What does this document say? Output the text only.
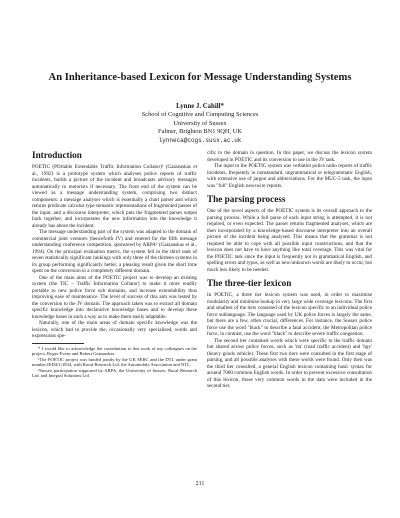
An Inheritance-based Lexicon for Message Understanding Systems
Lynne J. Cahill*
School of Cognitive and Computing Sciences
University of Sussex
Falmer, Brighton BN1 9QH, UK
lynneca@cogs.susx.ac.uk
Introduction

POETIC (POrtable Extendable Traffic Information Collator)¹ (Gaizauskas et al., 1992) is a prototype system which analyses police reports of traffic incidents, builds a picture of the incident and broadcasts advisory messages automatically to motorists if necessary. The front end of the system can be viewed as a message understanding system, comprising two distinct components: a message analyser which is essentially a chart parser and which returns predicate calculus type semantic representations of fragmented passes of the input, and a discourse interpreter, which puts the fragmented parses output back together, and incorporates the new information into the knowledge it already has about the incident.

The message understanding part of the system was adapted to the domain of commercial joint ventures (henceforth JV) and entered for the fifth message understanding conference competition, sponsored by ARPA² (Gaizauskas et al., 1994). On the principal evaluation metric, the system fell in the third rank of seven statistically significant rankings with only three of the thirteen systems in its group performing significantly better, a pleasing result given the short time spent on the conversion to a completely different domain.

One of the main aims of the POETIC project was to develop an existing system (the TIC – Traffic Information Collator) to make it more readily portable to new police force sub domains, and increase extendability thus improving ease of maintenance. The level of success of this aim was tested by the conversion to the JV domain. The approach taken was to extract all domain specific knowledge into declarative knowledge bases and to develop these knowledge bases in such a way as to make them easily adaptable.

Naturally, one of the main areas of domain specific knowledge was the lexicon, which had to provide the, occasionally very specialised, words and expressions spe-

* I would like to acknowledge the contribution to this work of my colleagues on the project, Roger Evans and Robert Gaizauskas.

¹The POETIC project was funded jointly by the UK SERC and the DTI, under grant number IED4/1/1834, with Racal Research Ltd, the Automobile Association and NTL.

²Sussex participation supported by ARPA, the University of Sussex, Racal Research Ltd. and Integral Solutions Ltd.

cific to the domain in question. In this paper, we discuss the lexicon system developed in POETIC and its conversion to use in the JV task.

The input to the POETIC system was verbatim police radio reports of traffic incidents, frequently in nonstandard, ungrammatical or telegrammatic English, with extensive use of jargon and abbreviations. For the MUC-5 task, the input was "full" English newswire reports.

The parsing process

One of the novel aspects of the POETIC system is its overall approach to the parsing process. While a full parse of each input string is attempted, it is not required, or even expected. The parser returns fragmented analyses, which are then incorporated by a knowledge-based discourse interpreter into an overall picture of the incident being analysed. This means that the grammar is not required be able to cope with all possible input constructions, and that the lexicon does not have to have anything like total coverage. This was vital for the POETIC task since the input is frequently not in grammatical English, and spelling errors and typos, as well as new/unknown words are likely to occur, but much less likely to be needed.

The three-tier lexicon

In POETIC, a three tier lexicon system was used, in order to maximise modularity and minimise lookup in very large wide coverage lexicons. The first and smallest of the tiers consisted of the lexicon specific to an individual police force sublanguage. The language used by UK police forces is largely the same, but there are a few, often crucial, differences. For instance, the Sussex police force use the word "black" to describe a fatal accident; the Metropolitan police force, in contrast, use the word "black" to describe severe traffic congestion.

The second tier contained words which were specific to the traffic domain but shared across police forces, such as 'rta' (road traffic accident) and 'hgv' (heavy goods vehicle). These first two tiers were consulted in the first stage of parsing, and all possible analyses with these words were found. Only then was the third tier consulted, a general English lexicon containing basic syntax for around 7000 common English words. In order to prevent excessive consultation of this lexicon, those very common words in the data were included in the second tier.

211
